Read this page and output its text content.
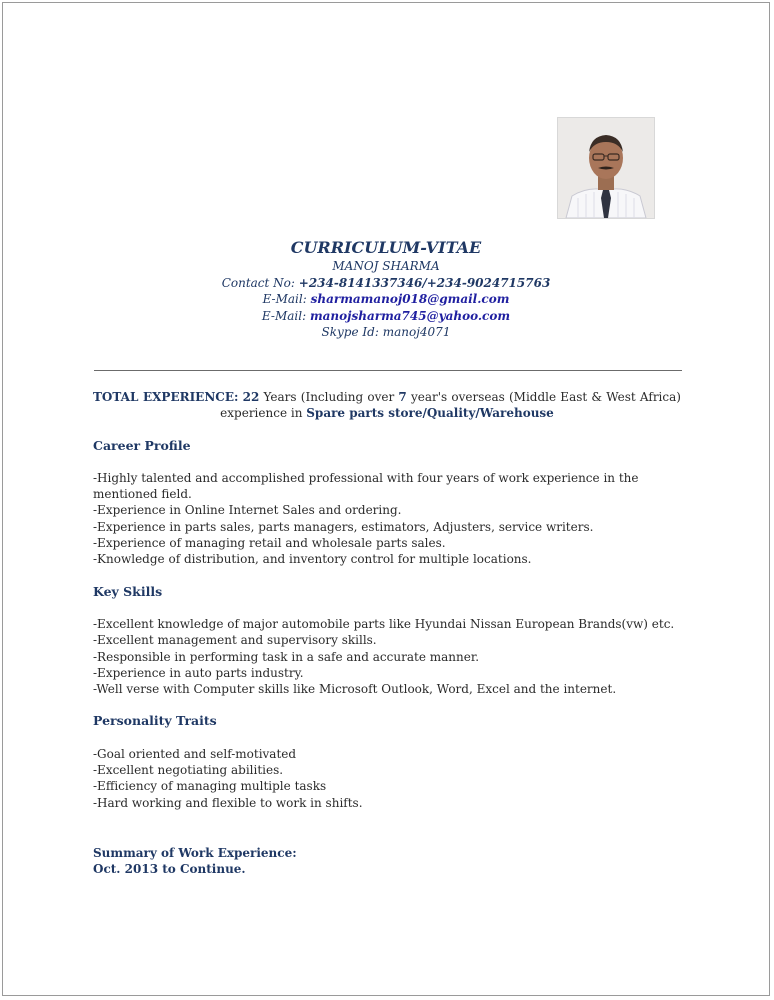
CURRICULUM-VITAE
MANOJ SHARMA
Contact No: +234-8141337346/+234-9024715763
E-Mail: sharmamanoj018@gmail.com
E-Mail: manojsharma745@yahoo.com
Skype Id: manoj4071
TOTAL EXPERIENCE: 22 Years (Including over 7 year's overseas (Middle East & West Africa) experience in Spare parts store/Quality/Warehouse
Career Profile
-Highly talented and accomplished professional with four years of work experience in the mentioned field.
-Experience in Online Internet Sales and ordering.
-Experience in parts sales, parts managers, estimators, Adjusters, service writers.
-Experience of managing retail and wholesale parts sales.
-Knowledge of distribution, and inventory control for multiple locations.
Key Skills
-Excellent knowledge of major automobile parts like Hyundai Nissan European Brands(vw) etc.
-Excellent management and supervisory skills.
-Responsible in performing task in a safe and accurate manner.
-Experience in auto parts industry.
-Well verse with Computer skills like Microsoft Outlook, Word, Excel and the internet.
Personality Traits
-Goal oriented and self-motivated
-Excellent negotiating abilities.
-Efficiency of managing multiple tasks
-Hard working and flexible to work in shifts.
Summary of Work Experience:
Oct. 2013 to Continue.
